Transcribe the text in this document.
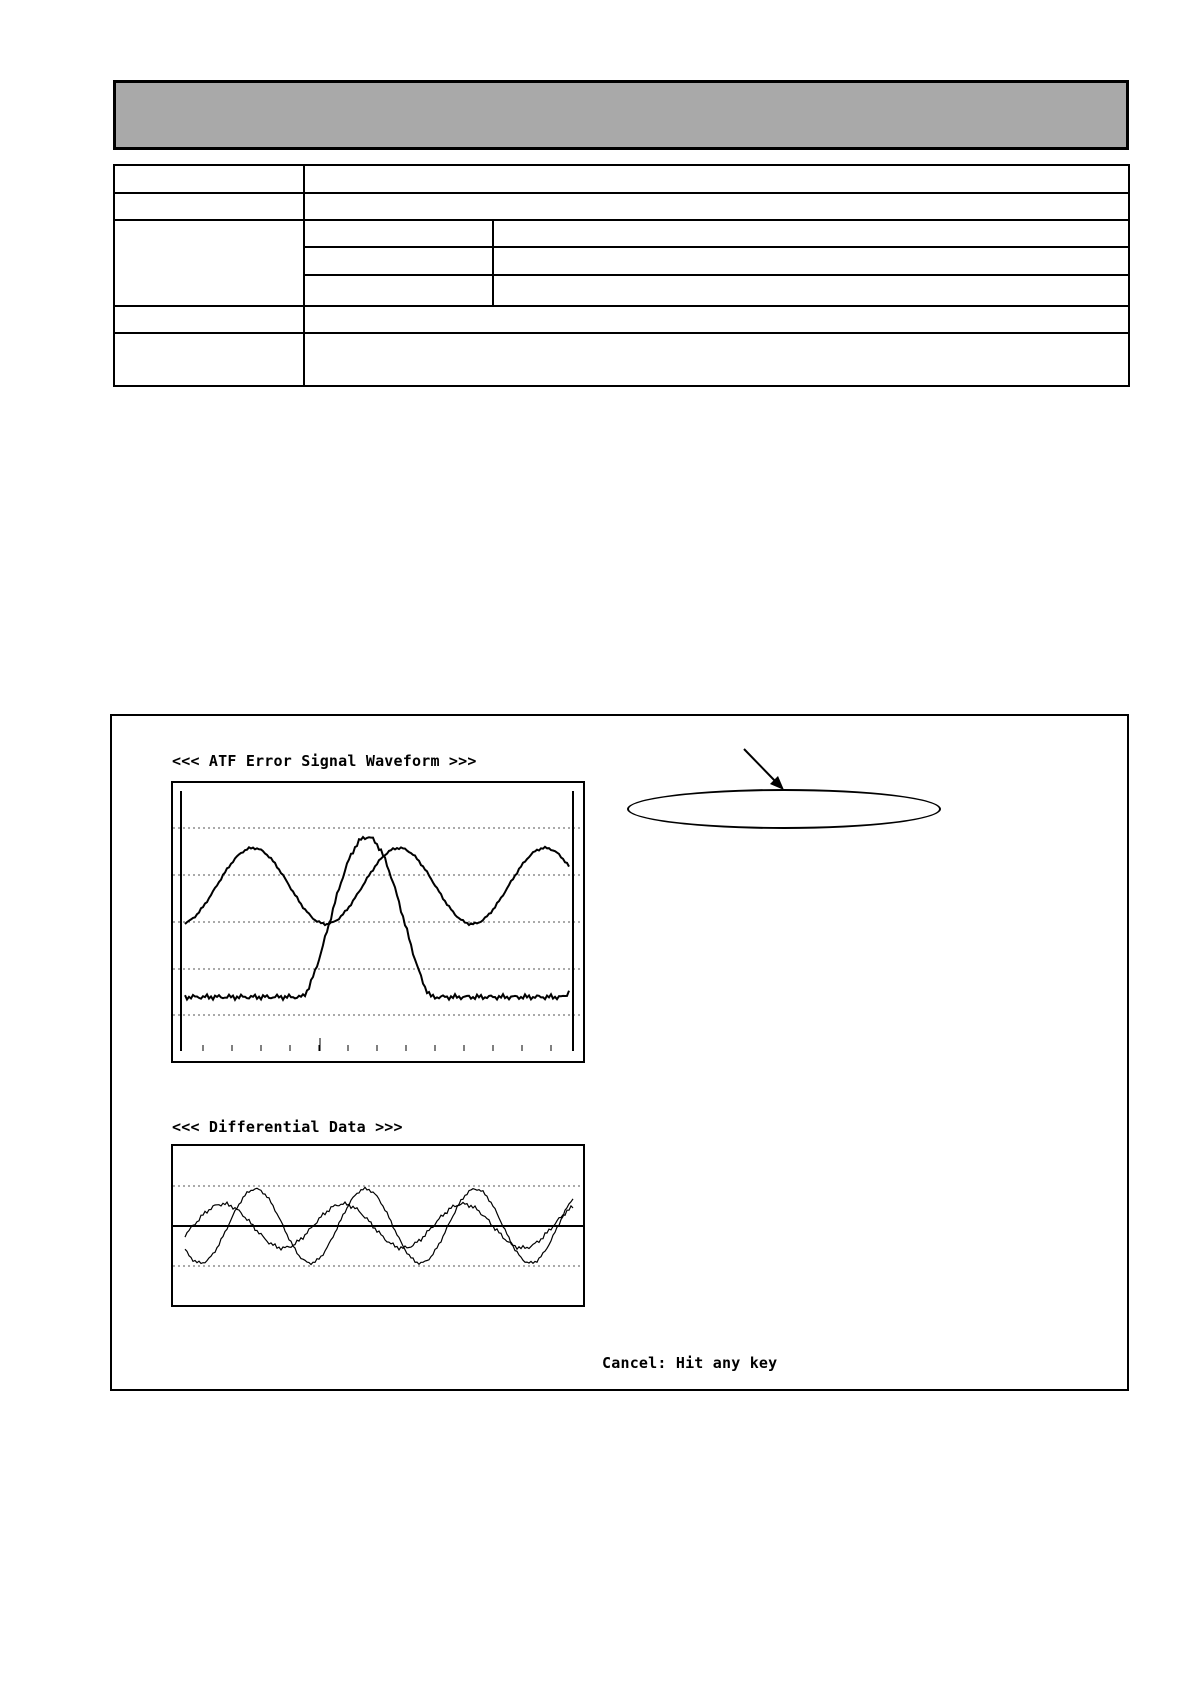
<<< ATF Error Signal Waveform >>>
<<< Differential Data >>>
Cancel: Hit any key
